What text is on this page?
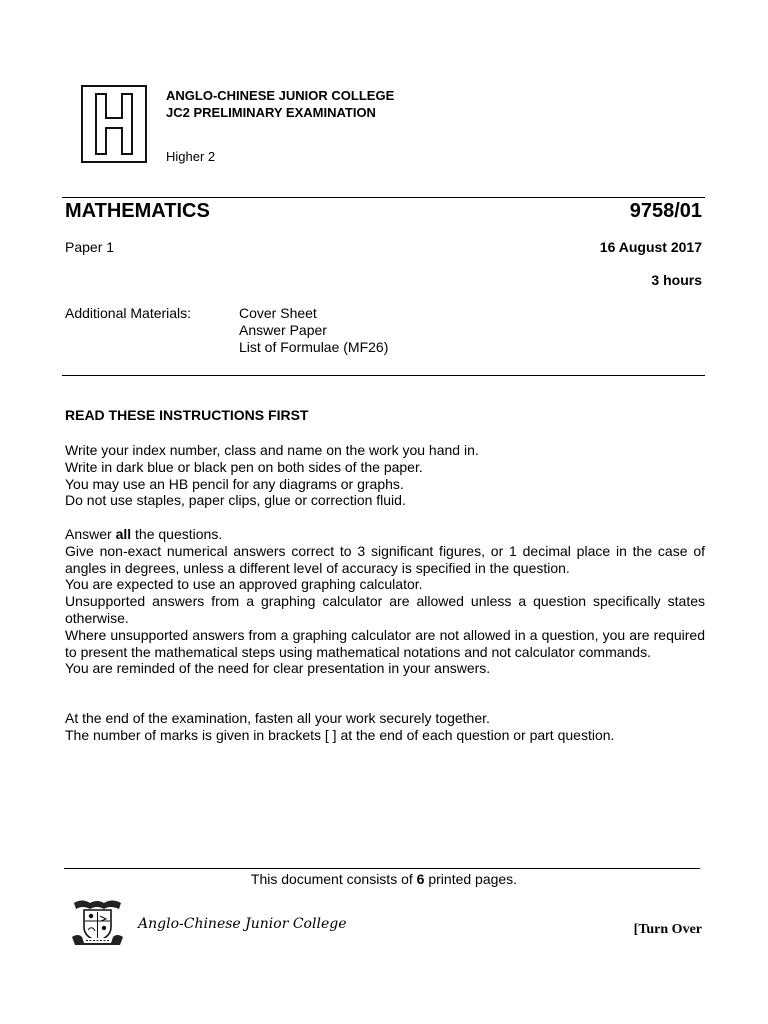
ANGLO-CHINESE JUNIOR COLLEGE
JC2 PRELIMINARY EXAMINATION
Higher 2
MATHEMATICS	9758/01
Paper 1	16 August 2017
3 hours
Additional Materials:	Cover Sheet
Answer Paper
List of Formulae (MF26)
READ THESE INSTRUCTIONS FIRST
Write your index number, class and name on the work you hand in.
Write in dark blue or black pen on both sides of the paper.
You may use an HB pencil for any diagrams or graphs.
Do not use staples, paper clips, glue or correction fluid.
Answer all the questions.
Give non-exact numerical answers correct to 3 significant figures, or 1 decimal place in the case of angles in degrees, unless a different level of accuracy is specified in the question.
You are expected to use an approved graphing calculator.
Unsupported answers from a graphing calculator are allowed unless a question specifically states otherwise.
Where unsupported answers from a graphing calculator are not allowed in a question, you are required to present the mathematical steps using mathematical notations and not calculator commands.
You are reminded of the need for clear presentation in your answers.
At the end of the examination, fasten all your work securely together.
The number of marks is given in brackets [ ] at the end of each question or part question.
This document consists of 6 printed pages.
Anglo-Chinese Junior College	[Turn Over
